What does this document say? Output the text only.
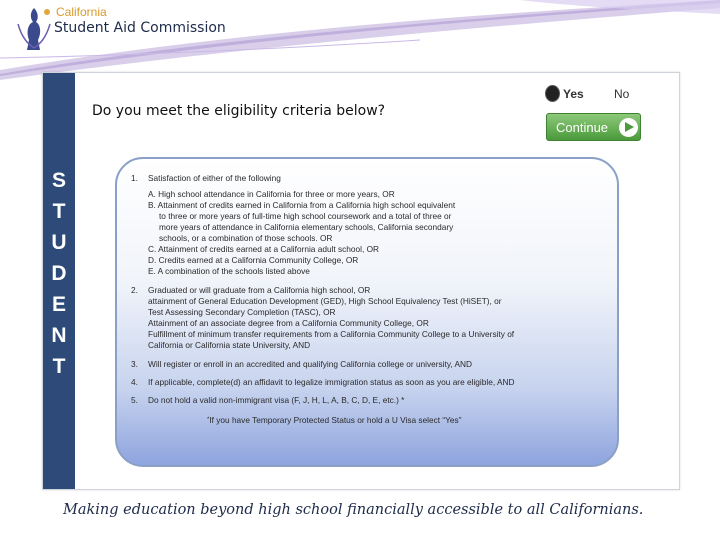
California
Student Aid Commission
S
T
U
D
E
N
T
Do you meet the eligibility criteria below?
Yes	No
Continue
1. Satisfaction of either of the following
A. High school attendance in California for three or more years, OR
B. Attainment of credits earned in California from a California high school equivalent
to three or more years of full-time high school coursework and a total of three or
more years of attendance in California elementary schools, California secondary
schools, or a combination of those schools. OR
C. Attainment of credits earned at a California adult school, OR
D. Credits earned at a California Community College, OR
E. A combination of the schools listed above
2. Graduated or will graduate from a California high school, OR
attainment of General Education Development (GED), High School Equivalency Test (HiSET), or
Test Assessing Secondary Completion (TASC), OR
Attainment of an associate degree from a California Community College, OR
Fulfillment of minimum transfer requirements from a California Community College to a University of
California or California state University, AND
3. Will register or enroll in an accredited and qualifying California college or university, AND
4. If applicable, complete(d) an affidavit to legalize immigration status as soon as you are eligible, AND
5. Do not hold a valid non-immigrant visa (F, J, H, L, A, B, C, D, E, etc.) *
*If you have Temporary Protected Status or hold a U Visa select “Yes”
Making education beyond high school financially accessible to all Californians.
